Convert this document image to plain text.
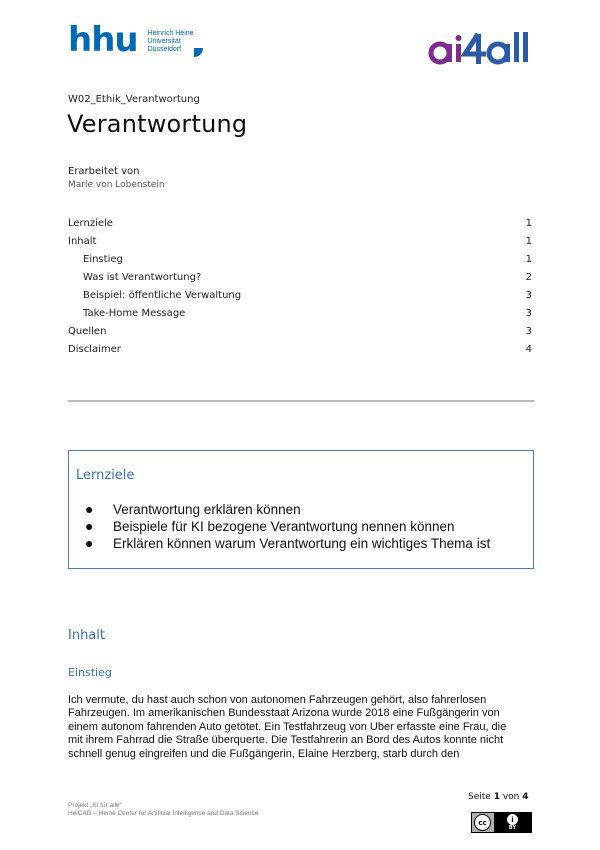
hhu Heinrich Heine
Universität
Düsseldorf
W02_Ethik_Verantwortung
Verantwortung
Erarbeitet von
Marie von Lobenstein
Lernziele	1
Inhalt	1
Einstieg	1
Was ist Verantwortung?	2
Beispiel: öffentliche Verwaltung	3
Take-Home Message	3
Quellen	3
Disclaimer	4
Lernziele
● Verantwortung erklären können
● Beispiele für KI bezogene Verantwortung nennen können
● Erklären können warum Verantwortung ein wichtiges Thema ist
Inhalt
Einstieg
Ich vermute, du hast auch schon von autonomen Fahrzeugen gehört, also fahrerlosen
Fahrzeugen. Im amerikanischen Bundesstaat Arizona wurde 2018 eine Fußgängerin von
einem autonom fahrenden Auto getötet. Ein Testfahrzeug von Uber erfasste eine Frau, die
mit ihrem Fahrrad die Straße überquerte. Die Testfahrerin an Bord des Autos konnte nicht
schnell genug eingreifen und die Fußgängerin, Elaine Herzberg, starb durch den
Projekt „KI für alle“
HeiCAD – Heine Center for Artificial Intelligence and Data Science
Seite 1 von 4
cc	i
BY
